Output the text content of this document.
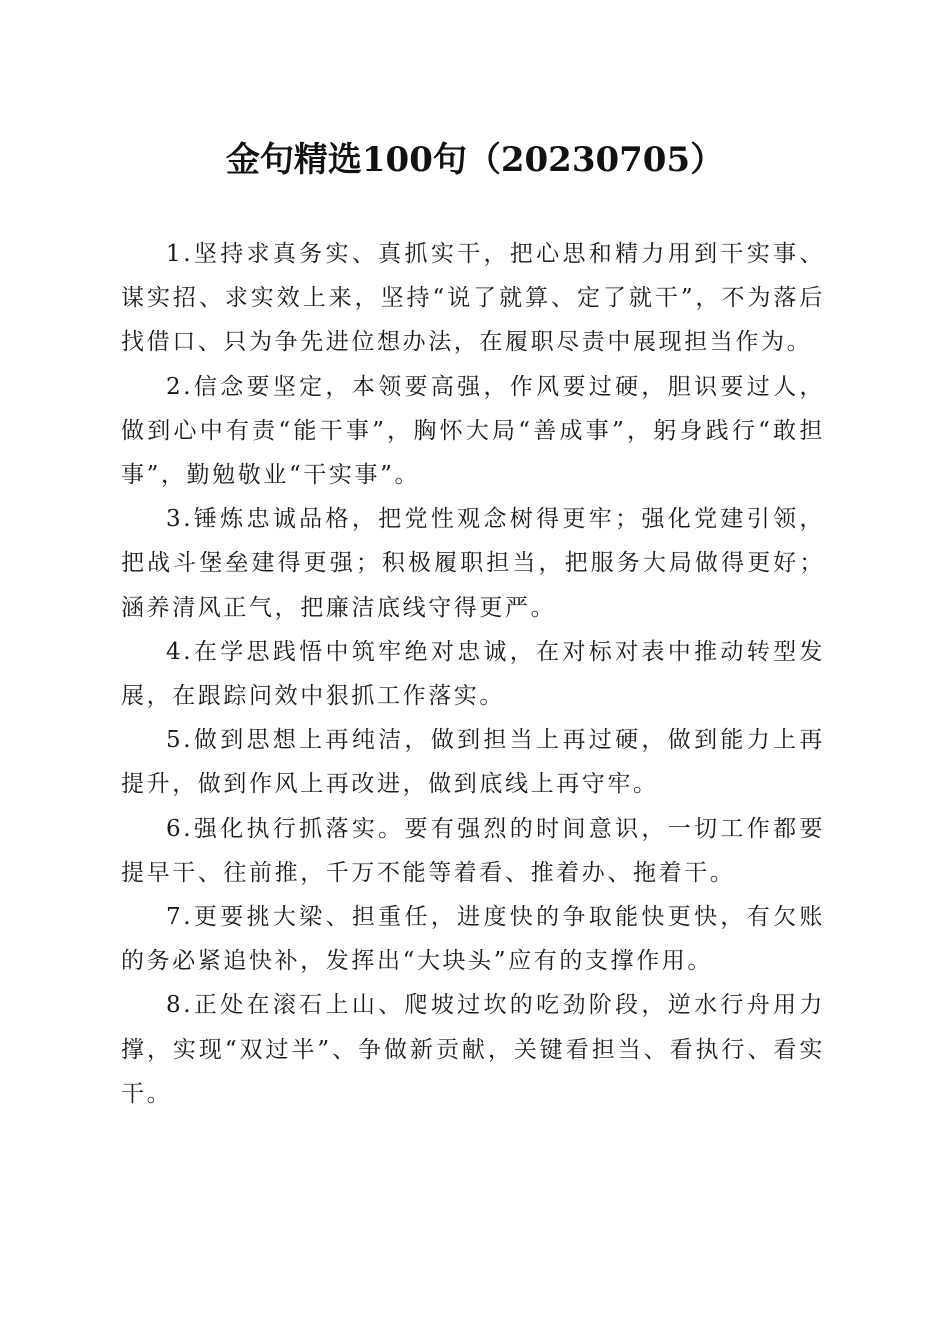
金句精选100句（20230705）

1.坚持求真务实、真抓实干，把心思和精力用到干实事、谋实招、求实效上来，坚持“说了就算、定了就干”，不为落后找借口、只为争先进位想办法，在履职尽责中展现担当作为。

2.信念要坚定，本领要高强，作风要过硬，胆识要过人，做到心中有责“能干事”，胸怀大局“善成事”，躬身践行“敢担事”，勤勉敬业“干实事”。

3.锤炼忠诚品格，把党性观念树得更牢；强化党建引领，把战斗堡垒建得更强；积极履职担当，把服务大局做得更好；涵养清风正气，把廉洁底线守得更严。

4.在学思践悟中筑牢绝对忠诚，在对标对表中推动转型发展，在跟踪问效中狠抓工作落实。

5.做到思想上再纯洁，做到担当上再过硬，做到能力上再提升，做到作风上再改进，做到底线上再守牢。

6.强化执行抓落实。要有强烈的时间意识，一切工作都要提早干、往前推，千万不能等着看、推着办、拖着干。

7.更要挑大梁、担重任，进度快的争取能快更快，有欠账的务必紧追快补，发挥出“大块头”应有的支撑作用。

8.正处在滚石上山、爬坡过坎的吃劲阶段，逆水行舟用力撑，实现“双过半”、争做新贡献，关键看担当、看执行、看实干。
